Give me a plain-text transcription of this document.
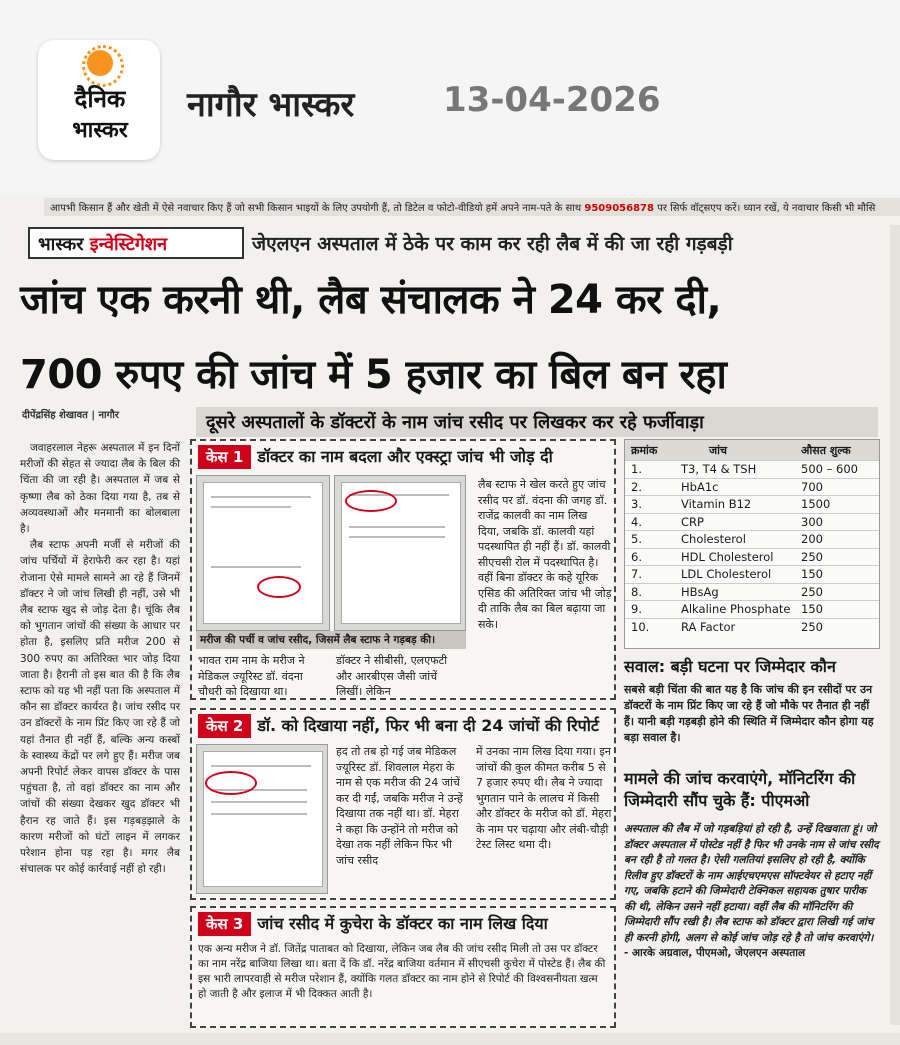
दैनिक
भास्कर
नागौर भास्कर	13-04-2026
आपभी किसान हैं और खेती में ऐसे नवाचार किए हैं जो सभी किसान भाइयों के लिए उपयोगी हैं, तो डिटेल व फोटो-वीडियो हमें अपने नाम-पते के साथ 9509056878 पर सिर्फ वॉट्सएप करें। ध्यान रखें, ये नवाचार किसी भी मौसि
भास्कर इन्वेस्टिगेशन	जेएलएन अस्पताल में ठेके पर काम कर रही लैब में की जा रही गड़बड़ी
जांच एक करनी थी, लैब संचालक ने 24 कर दी,
700 रुपए की जांच में 5 हजार का बिल बन रहा
दीपेंद्रसिंह शेखावत | नागौर	दूसरे अस्पतालों के डॉक्टरों के नाम जांच रसीद पर लिखकर कर रहे फर्जीवाड़ा

जवाहरलाल नेहरू अस्पताल में इन दिनों मरीजों की सेहत से ज्यादा लैब के बिल की चिंता की जा रही है। अस्पताल में जब से कृष्णा लैब को ठेका दिया गया है, तब से अव्यवस्थाओं और मनमानी का बोलबाला है।

लैब स्टाफ अपनी मर्जी से मरीजों की जांच पर्चियों में हेराफेरी कर रहा है। यहां रोजाना ऐसे मामले सामने आ रहे हैं जिनमें डॉक्टर ने जो जांच लिखी ही नहीं, उसे भी लैब स्टाफ खुद से जोड़ देता है। चूंकि लैब को भुगतान जांचों की संख्या के आधार पर होता है, इसलिए प्रति मरीज 200 से 300 रुपए का अतिरिक्त भार जोड़ दिया जाता है। हैरानी तो इस बात की है कि लैब स्टाफ को यह भी नहीं पता कि अस्पताल में कौन सा डॉक्टर कार्यरत है। जांच रसीद पर उन डॉक्टरों के नाम प्रिंट किए जा रहे हैं जो यहां तैनात ही नहीं हैं, बल्कि अन्य कस्बों के स्वास्थ्य केंद्रों पर लगे हुए हैं। मरीज जब अपनी रिपोर्ट लेकर वापस डॉक्टर के पास पहुंचता है, तो वहां डॉक्टर का नाम और जांचों की संख्या देखकर खुद डॉक्टर भी हैरान रह जाते हैं। इस गड़बड़झाले के कारण मरीजों को घंटों लाइन में लगकर परेशान होना पड़ रहा है। मगर लैब संचालक पर कोई कार्रवाई नहीं हो रही।

केस 1 डॉक्टर का नाम बदला और एक्स्ट्रा जांच भी जोड़ दी
मरीज की पर्ची व जांच रसीद, जिसमें लैब स्टाफ ने गड़बड़ की।
भावत राम नाम के मरीज ने मेडिकल ज्यूरिस्ट डॉ. वंदना चौधरी को दिखाया था।
डॉक्टर ने सीबीसी, एलएफटी और आरबीएस जैसी जांचें लिखीं। लेकिन
लैब स्टाफ ने खेल करते हुए जांच रसीद पर डॉ. वंदना की जगह डॉ. राजेंद्र कालवी का नाम लिख दिया, जबकि डॉ. कालवी यहां पदस्थापित ही नहीं हैं। डॉ. कालवी सीएचसी रोल में पदस्थापित है। वहीं बिना डॉक्टर के कहे यूरिक एसिड की अतिरिक्त जांच भी जोड़ दी ताकि लैब का बिल बढ़ाया जा सके।
केस 2 डॉ. को दिखाया नहीं, फिर भी बना दी 24 जांचों की रिपोर्ट
हद तो तब हो गई जब मेडिकल ज्यूरिस्ट डॉ. शिवलाल मेहरा के नाम से एक मरीज की 24 जांचें कर दी गईं, जबकि मरीज ने उन्हें दिखाया तक नहीं था। डॉ. मेहरा ने कहा कि उन्होंने तो मरीज को देखा तक नहीं लेकिन फिर भी जांच रसीद
में उनका नाम लिख दिया गया। इन जांचों की कुल कीमत करीब 5 से 7 हजार रुपए थी। लैब ने ज्यादा भुगतान पाने के लालच में किसी और डॉक्टर के मरीज को डॉ. मेहरा के नाम पर चढ़ाया और लंबी-चौड़ी टेस्ट लिस्ट थमा दी।
केस 3 जांच रसीद में कुचेरा के डॉक्टर का नाम लिख दिया
एक अन्य मरीज ने डॉ. जितेंद्र पाताबत को दिखाया, लेकिन जब लैब की जांच रसीद मिली तो उस पर डॉक्टर का नाम नरेंद्र बाजिया लिखा था। बता दें कि डॉ. नरेंद्र बाजिया वर्तमान में सीएचसी कुचेरा में पोस्टेड हैं। लैब की इस भारी लापरवाही से मरीज परेशान हैं, क्योंकि गलत डॉक्टर का नाम होने से रिपोर्ट की विश्वसनीयता खत्म हो जाती है और इलाज में भी दिक्कत आती है।
क्रमांक	जांच	औसत शुल्क
1.	T3, T4 & TSH	500 – 600
2.	HbA1c	700
3.	Vitamin B12	1500
4.	CRP	300
5.	Cholesterol	200
6.	HDL Cholesterol 250
7.	LDL Cholesterol	150
8.	HBsAg	250
9.	Alkaline Phosphate 150
10.	RA Factor	250
सवाल: बड़ी घटना पर जिम्मेदार कौन
सबसे बड़ी चिंता की बात यह है कि जांच की इन रसीदों पर उन डॉक्टरों के नाम प्रिंट किए जा रहे हैं जो मौके पर तैनात ही नहीं हैं। यानी बड़ी गड़बड़ी होने की स्थिति में जिम्मेदार कौन होगा यह बड़ा सवाल है।
मामले की जांच करवाएंगे, मॉनिटरिंग की जिम्मेदारी सौंप चुके हैं: पीएमओ
अस्पताल की लैब में जो गड़बड़ियां हो रही है, उन्हें दिखवाता हूं। जो डॉक्टर अस्पताल में पोस्टेड नहीं है फिर भी उनके नाम से जांच रसीद बन रही है तो गलत है। ऐसी गलतियां इसलिए हो रही है, क्योंकि रिलीव हुए डॉक्टरों के नाम आईएचएमएस सॉफ्टवेयर से हटाए नहीं गए, जबकि हटाने की जिम्मेदारी टेक्निकल सहायक तुषार पारीक की थी, लेकिन उसने नहीं हटाया। वहीं लैब की मॉनिटरिंग की जिम्मेदारी सौंप रखी है। लैब स्टाफ को डॉक्टर द्वारा लिखी गई जांच ही करनी होगी, अलग से कोई जांच जोड़ रहे है तो जांच करवाएंगे। - आरके अग्रवाल, पीएमओ, जेएलएन अस्पताल
